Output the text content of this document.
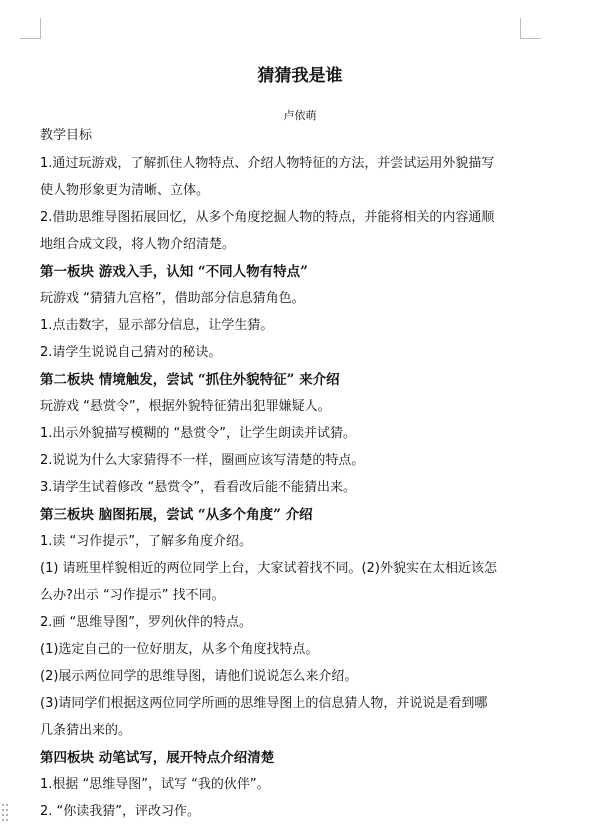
猜猜我是谁
卢依萌
教学目标
1.通过玩游戏，了解抓住人物特点、介绍人物特征的方法，并尝试运用外貌描写
使人物形象更为清晰、立体。
2.借助思维导图拓展回忆，从多个角度挖掘人物的特点，并能将相关的内容通顺
地组合成文段，将人物介绍清楚。
第一板块 游戏入手，认知 “不同人物有特点”
玩游戏 “猜猜九宫格”，借助部分信息猜角色。
1.点击数字，显示部分信息，让学生猜。
2.请学生说说自己猜对的秘诀。
第二板块 情境触发，尝试 “抓住外貌特征” 来介绍
玩游戏 “悬赏令”，根据外貌特征猜出犯罪嫌疑人。
1.出示外貌描写模糊的 “悬赏令”，让学生朗读并试猜。
2.说说为什么大家猜得不一样，圈画应该写清楚的特点。
3.请学生试着修改 “悬赏令”，看看改后能不能猜出来。
第三板块 脑图拓展，尝试 “从多个角度” 介绍
1.读 “习作提示”，了解多角度介绍。
(1) 请班里样貌相近的两位同学上台，大家试着找不同。(2)外貌实在太相近该怎
么办?出示 “习作提示” 找不同。
2.画 “思维导图”，罗列伙伴的特点。
(1)选定自己的一位好朋友，从多个角度找特点。
(2)展示两位同学的思维导图，请他们说说怎么来介绍。
(3)请同学们根据这两位同学所画的思维导图上的信息猜人物，并说说是看到哪
几条猜出来的。
第四板块 动笔试写，展开特点介绍清楚
1.根据 “思维导图”，试写 “我的伙伴”。
2. “你读我猜”，评改习作。
